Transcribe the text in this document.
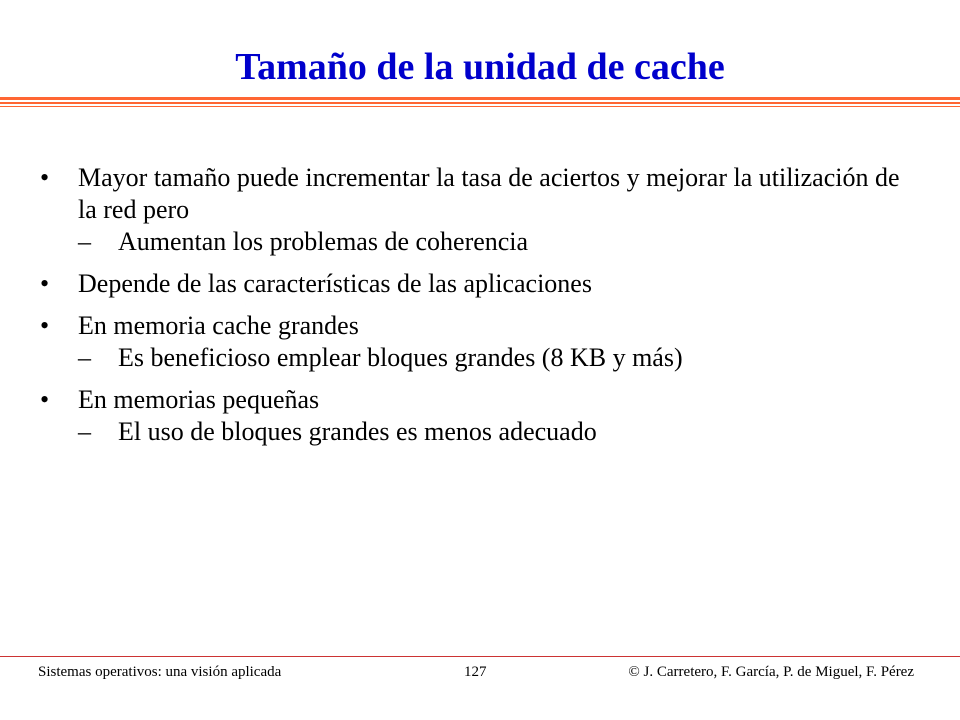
Tamaño de la unidad de cache
•	Mayor tamaño puede incrementar la tasa de aciertos y mejorar la utilización de la red pero
–	Aumentan los problemas de coherencia
•	Depende de las características de las aplicaciones
•	En memoria cache grandes
–	Es beneficioso emplear bloques grandes (8 KB y más)
•	En memorias pequeñas
–	El uso de bloques grandes es menos adecuado
Sistemas operativos: una visión aplicada	127	© J. Carretero, F. García, P. de Miguel, F. Pérez
